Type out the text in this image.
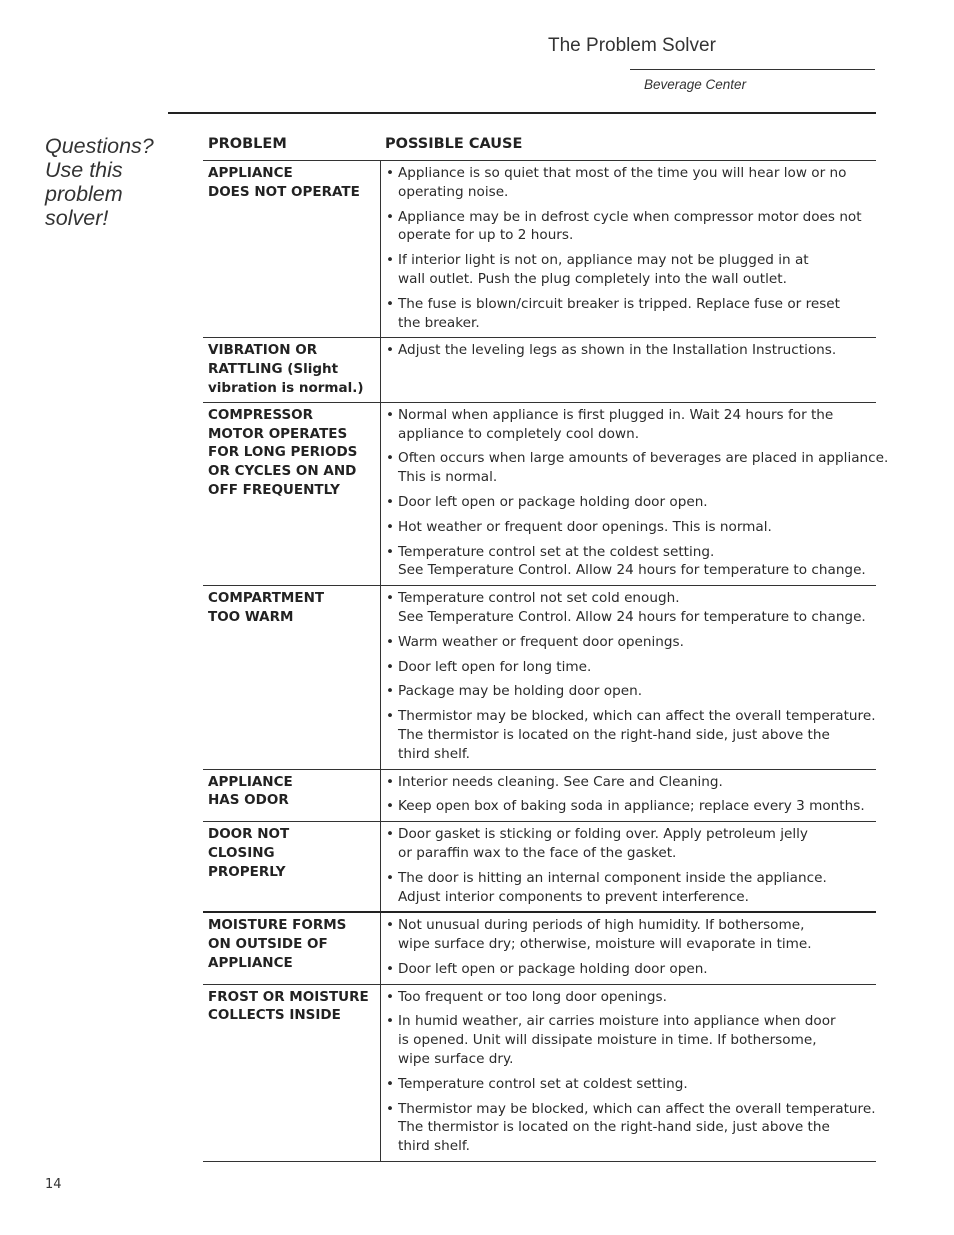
The Problem Solver
Beverage Center
Questions?
Use this
problem
solver!
PROBLEM	POSSIBLE CAUSE
APPLIANCE
DOES NOT OPERATE
• Appliance is so quiet that most of the time you will hear low or no
operating noise.
• Appliance may be in defrost cycle when compressor motor does not
operate for up to 2 hours.
• If interior light is not on, appliance may not be plugged in at
wall outlet. Push the plug completely into the wall outlet.
• The fuse is blown/circuit breaker is tripped. Replace fuse or reset
the breaker.
VIBRATION OR
RATTLING (Slight
vibration is normal.)
• Adjust the leveling legs as shown in the Installation Instructions.
COMPRESSOR
MOTOR OPERATES
FOR LONG PERIODS
OR CYCLES ON AND
OFF FREQUENTLY
• Normal when appliance is first plugged in. Wait 24 hours for the
appliance to completely cool down.
• Often occurs when large amounts of beverages are placed in appliance.
This is normal.
• Door left open or package holding door open.
• Hot weather or frequent door openings. This is normal.
• Temperature control set at the coldest setting.
See Temperature Control. Allow 24 hours for temperature to change.
COMPARTMENT
TOO WARM
• Temperature control not set cold enough.
See Temperature Control. Allow 24 hours for temperature to change.
• Warm weather or frequent door openings.
• Door left open for long time.
• Package may be holding door open.
• Thermistor may be blocked, which can affect the overall temperature.
The thermistor is located on the right-hand side, just above the
third shelf.
APPLIANCE
HAS ODOR
• Interior needs cleaning. See Care and Cleaning.
• Keep open box of baking soda in appliance; replace every 3 months.
DOOR NOT
CLOSING
PROPERLY
• Door gasket is sticking or folding over. Apply petroleum jelly
or paraffin wax to the face of the gasket.
• The door is hitting an internal component inside the appliance.
Adjust interior components to prevent interference.
MOISTURE FORMS
ON OUTSIDE OF
APPLIANCE
• Not unusual during periods of high humidity. If bothersome,
wipe surface dry; otherwise, moisture will evaporate in time.
• Door left open or package holding door open.
FROST OR MOISTURE
COLLECTS INSIDE
• Too frequent or too long door openings.
• In humid weather, air carries moisture into appliance when door
is opened. Unit will dissipate moisture in time. If bothersome,
wipe surface dry.
• Temperature control set at coldest setting.
• Thermistor may be blocked, which can affect the overall temperature.
The thermistor is located on the right-hand side, just above the
third shelf.
14
